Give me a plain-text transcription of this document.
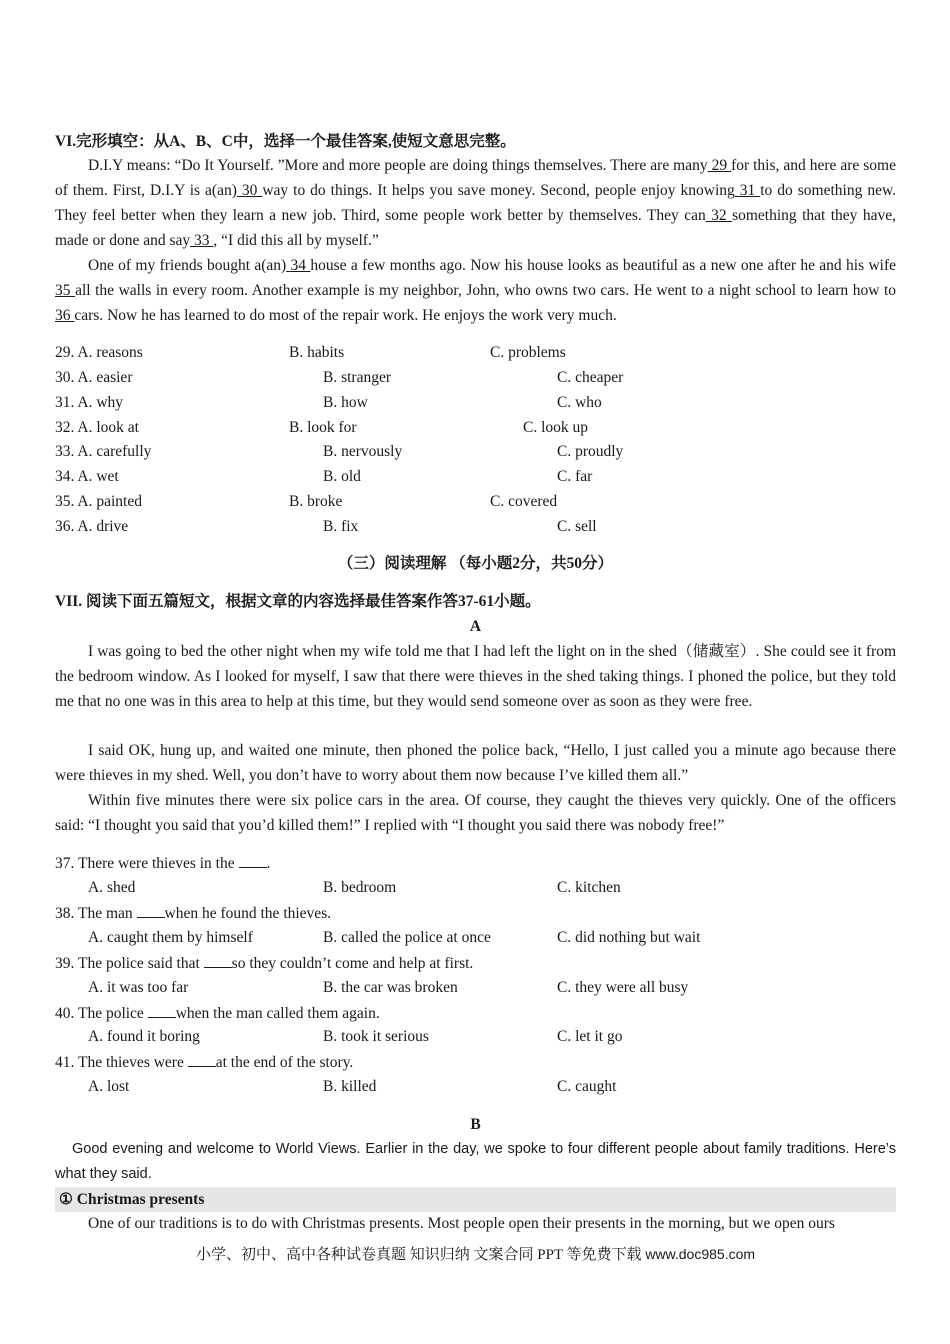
VI.完形填空：从A、B、C中，选择一个最佳答案,使短文意思完整。
D.I.Y means: “Do It Yourself. ”More and more people are doing things themselves. There are many 29 for this, and here are some of them. First, D.I.Y is a(an) 30 way to do things. It helps you save money. Second, people enjoy knowing 31 to do something new. They feel better when they learn a new job. Third, some people work better by themselves. They can 32 something that they have, made or done and say 33 , “I did this all by myself.”
One of my friends bought a(an) 34 house a few months ago. Now his house looks as beautiful as a new one after he and his wife 35 all the walls in every room. Another example is my neighbor, John, who owns two cars. He went to a night school to learn how to 36 cars. Now he has learned to do most of the repair work. He enjoys the work very much.
29. A. reasons	B. habits	C. problems
30. A. easier	B. stranger	C. cheaper
31. A. why	B. how	C. who
32. A. look at	B. look for	C. look up
33. A. carefully	B. nervously	C. proudly
34. A. wet	B. old	C. far
35. A. painted	B. broke	C. covered
36. A. drive	B. fix	C. sell
（三）阅读理解 （每小题2分，共50分）
VII. 阅读下面五篇短文，根据文章的内容选择最佳答案作答37-61小题。
A
I was going to bed the other night when my wife told me that I had left the light on in the shed（储藏室）. She could see it from the bedroom window. As I looked for myself, I saw that there were thieves in the shed taking things. I phoned the police, but they told me that no one was in this area to help at this time, but they would send someone over as soon as they were free.
I said OK, hung up, and waited one minute, then phoned the police back, “Hello, I just called you a minute ago because there were thieves in my shed. Well, you don’t have to worry about them now because I’ve killed them all.”
Within five minutes there were six police cars in the area. Of course, they caught the thieves very quickly. One of the officers said: “I thought you said that you’d killed them!” I replied with “I thought you said there was nobody free!”
37. There were thieves in the .
A. shed	B. bedroom	C. kitchen
38. The man when he found the thieves.
A. caught them by himself	B. called the police at once	C. did nothing but wait
39. The police said that so they couldn’t come and help at first.
A. it was too far	B. the car was broken	C. they were all busy
40. The police when the man called them again.
A. found it boring	B. took it serious	C. let it go
41. The thieves were at the end of the story.
A. lost	B. killed	C. caught
B
Good evening and welcome to World Views. Earlier in the day, we spoke to four different people about family traditions. Here’s what they said.
① Christmas presents
One of our traditions is to do with Christmas presents. Most people open their presents in the morning, but we open ours
小学、初中、高中各种试卷真题 知识归纳 文案合同 PPT 等免费下载 www.doc985.com
